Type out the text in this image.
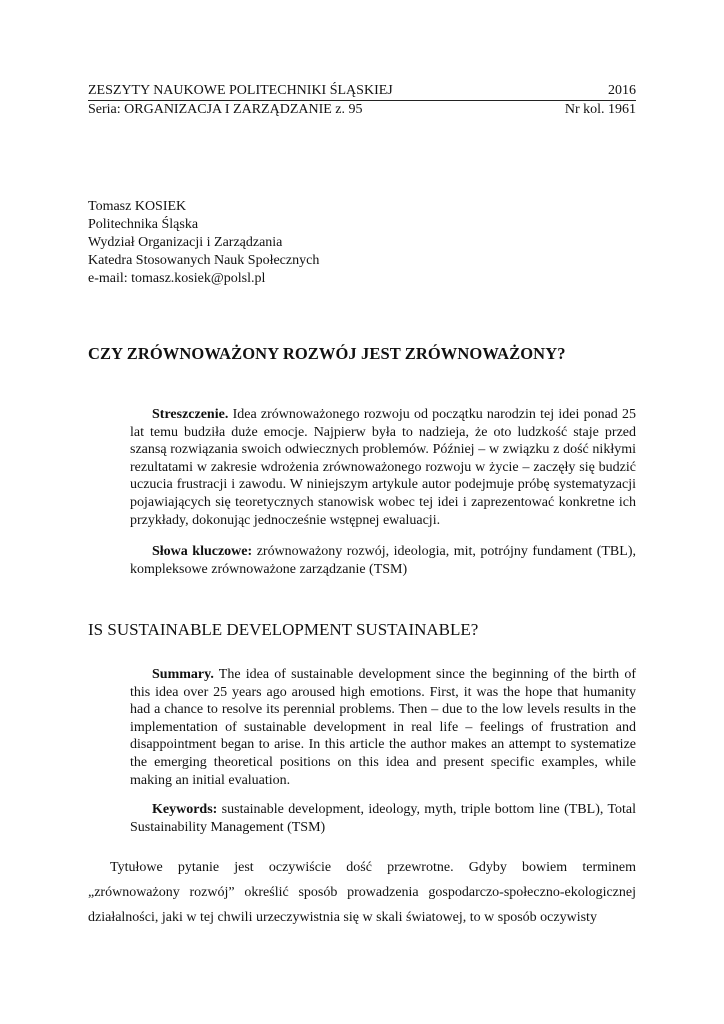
ZESZYTY NAUKOWE POLITECHNIKI ŚLĄSKIEJ	2016
Seria: ORGANIZACJA I ZARZĄDZANIE z. 95	Nr kol. 1961
Tomasz KOSIEK
Politechnika Śląska
Wydział Organizacji i Zarządzania
Katedra Stosowanych Nauk Społecznych
e-mail: tomasz.kosiek@polsl.pl
CZY ZRÓWNOWAŻONY ROZWÓJ JEST ZRÓWNOWAŻONY?

Streszczenie. Idea zrównoważonego rozwoju od początku narodzin tej idei ponad 25 lat temu budziła duże emocje. Najpierw była to nadzieja, że oto ludzkość staje przed szansą rozwiązania swoich odwiecznych problemów. Później – w związku z dość nikłymi rezultatami w zakresie wdrożenia zrównoważonego rozwoju w życie – zaczęły się budzić uczucia frustracji i zawodu. W niniejszym artykule autor podejmuje próbę systematyzacji pojawiających się teoretycznych stanowisk wobec tej idei i zaprezentować konkretne ich przykłady, dokonując jednocześnie wstępnej ewaluacji.

Słowa kluczowe: zrównoważony rozwój, ideologia, mit, potrójny fundament (TBL), kompleksowe zrównoważone zarządzanie (TSM)

IS SUSTAINABLE DEVELOPMENT SUSTAINABLE?

Summary. The idea of sustainable development since the beginning of the birth of this idea over 25 years ago aroused high emotions. First, it was the hope that humanity had a chance to resolve its perennial problems. Then – due to the low levels results in the implementation of sustainable development in real life – feelings of frustration and disappointment began to arise. In this article the author makes an attempt to systematize the emerging theoretical positions on this idea and present specific examples, while making an initial evaluation.

Keywords: sustainable development, ideology, myth, triple bottom line (TBL), Total Sustainability Management (TSM)

Tytułowe pytanie jest oczywiście dość przewrotne. Gdyby bowiem terminem „zrównoważony rozwój” określić sposób prowadzenia gospodarczo-społeczno-ekologicznej działalności, jaki w tej chwili urzeczywistnia się w skali światowej, to w sposób oczywisty
